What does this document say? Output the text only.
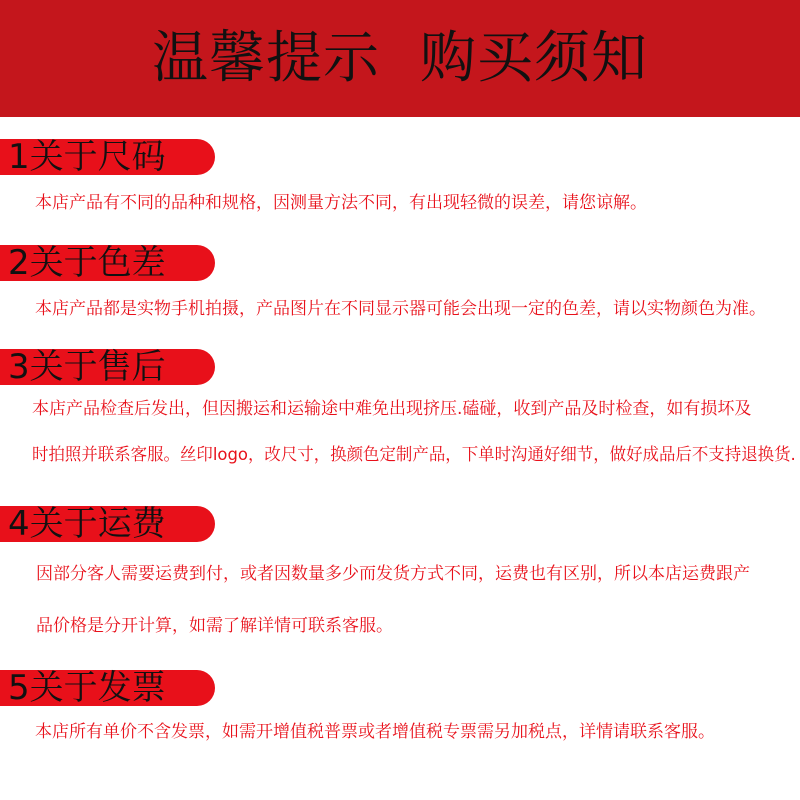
温馨提示 购买须知
1关于尺码
本店产品有不同的品种和规格，因测量方法不同，有出现轻微的误差，请您谅解。
2关于色差
本店产品都是实物手机拍摄，产品图片在不同显示器可能会出现一定的色差，请以实物颜色为准。
3关于售后
本店产品检查后发出，但因搬运和运输途中难免出现挤压.磕碰，收到产品及时检查，如有损坏及
时拍照并联系客服。丝印logo，改尺寸，换颜色定制产品，下单时沟通好细节，做好成品后不支持退换货.
4关于运费
因部分客人需要运费到付，或者因数量多少而发货方式不同，运费也有区别，所以本店运费跟产
品价格是分开计算，如需了解详情可联系客服。
5关于发票
本店所有单价不含发票，如需开增值税普票或者增值税专票需另加税点，详情请联系客服。
